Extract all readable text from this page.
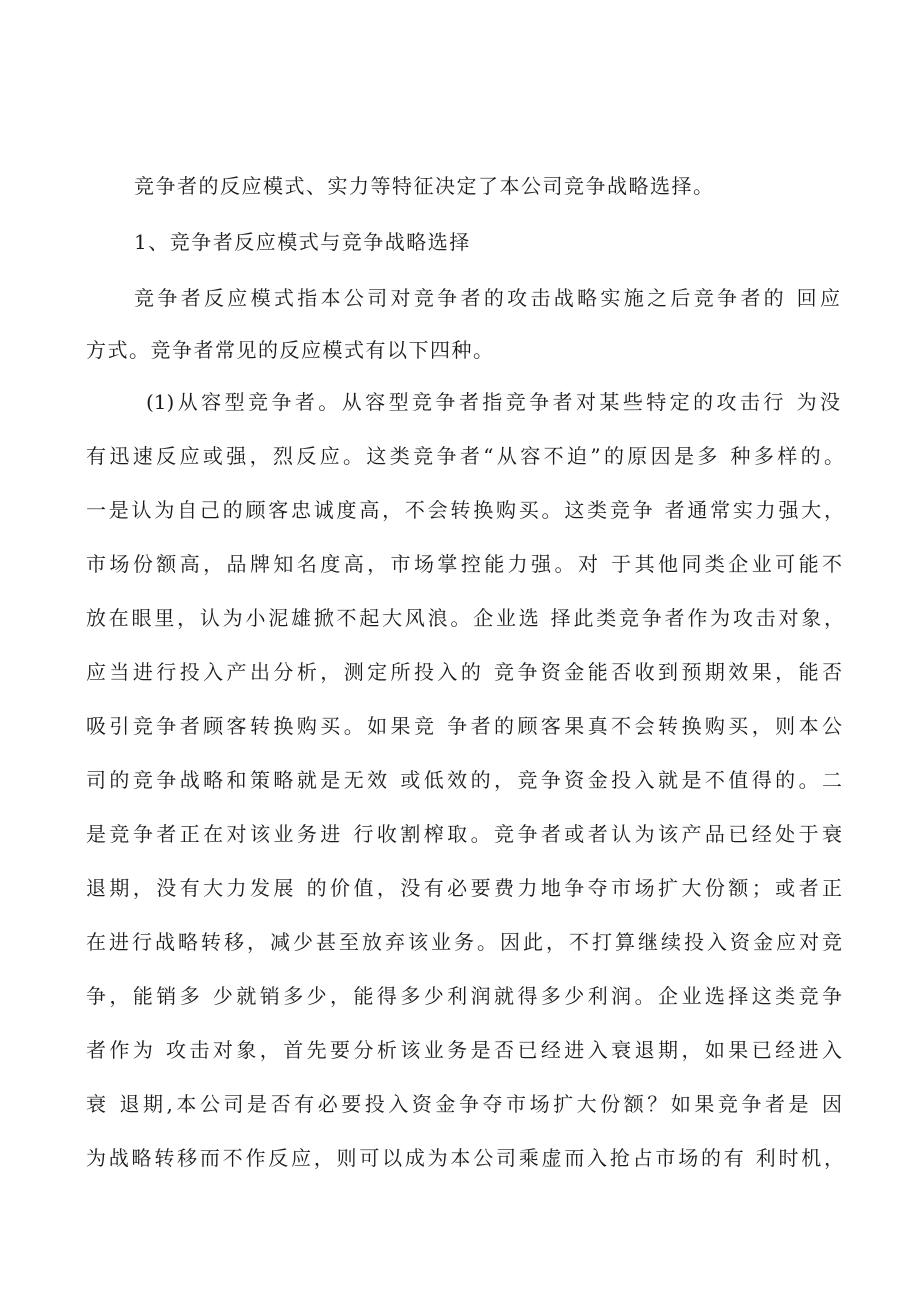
竞争者的反应模式、实力等特征决定了本公司竞争战略选择。
1、竞争者反应模式与竞争战略选择
竞争者反应模式指本公司对竞争者的攻击战略实施之后竞争者的 回应
方式。竞争者常见的反应模式有以下四种。
(1)从容型竞争者。从容型竞争者指竞争者对某些特定的攻击行 为没
有迅速反应或强，烈反应。这类竞争者“从容不迫”的原因是多 种多样的。
一是认为自己的顾客忠诚度高，不会转换购买。这类竞争 者通常实力强大，
市场份额高，品牌知名度高，市场掌控能力强。对 于其他同类企业可能不
放在眼里，认为小泥雄掀不起大风浪。企业选 择此类竞争者作为攻击对象，
应当进行投入产出分析，测定所投入的 竞争资金能否收到预期效果，能否
吸引竞争者顾客转换购买。如果竞 争者的顾客果真不会转换购买，则本公
司的竞争战略和策略就是无效 或低效的，竞争资金投入就是不值得的。二
是竞争者正在对该业务进 行收割榨取。竞争者或者认为该产品已经处于衰
退期，没有大力发展 的价值，没有必要费力地争夺市场扩大份额；或者正
在进行战略转移，减少甚至放弃该业务。因此，不打算继续投入资金应对竞
争，能销多 少就销多少，能得多少利润就得多少利润。企业选择这类竞争
者作为 攻击对象，首先要分析该业务是否已经进入衰退期，如果已经进入
衰 退期,本公司是否有必要投入资金争夺市场扩大份额？如果竞争者是 因
为战略转移而不作反应，则可以成为本公司乘虚而入抢占市场的有 利时机，
